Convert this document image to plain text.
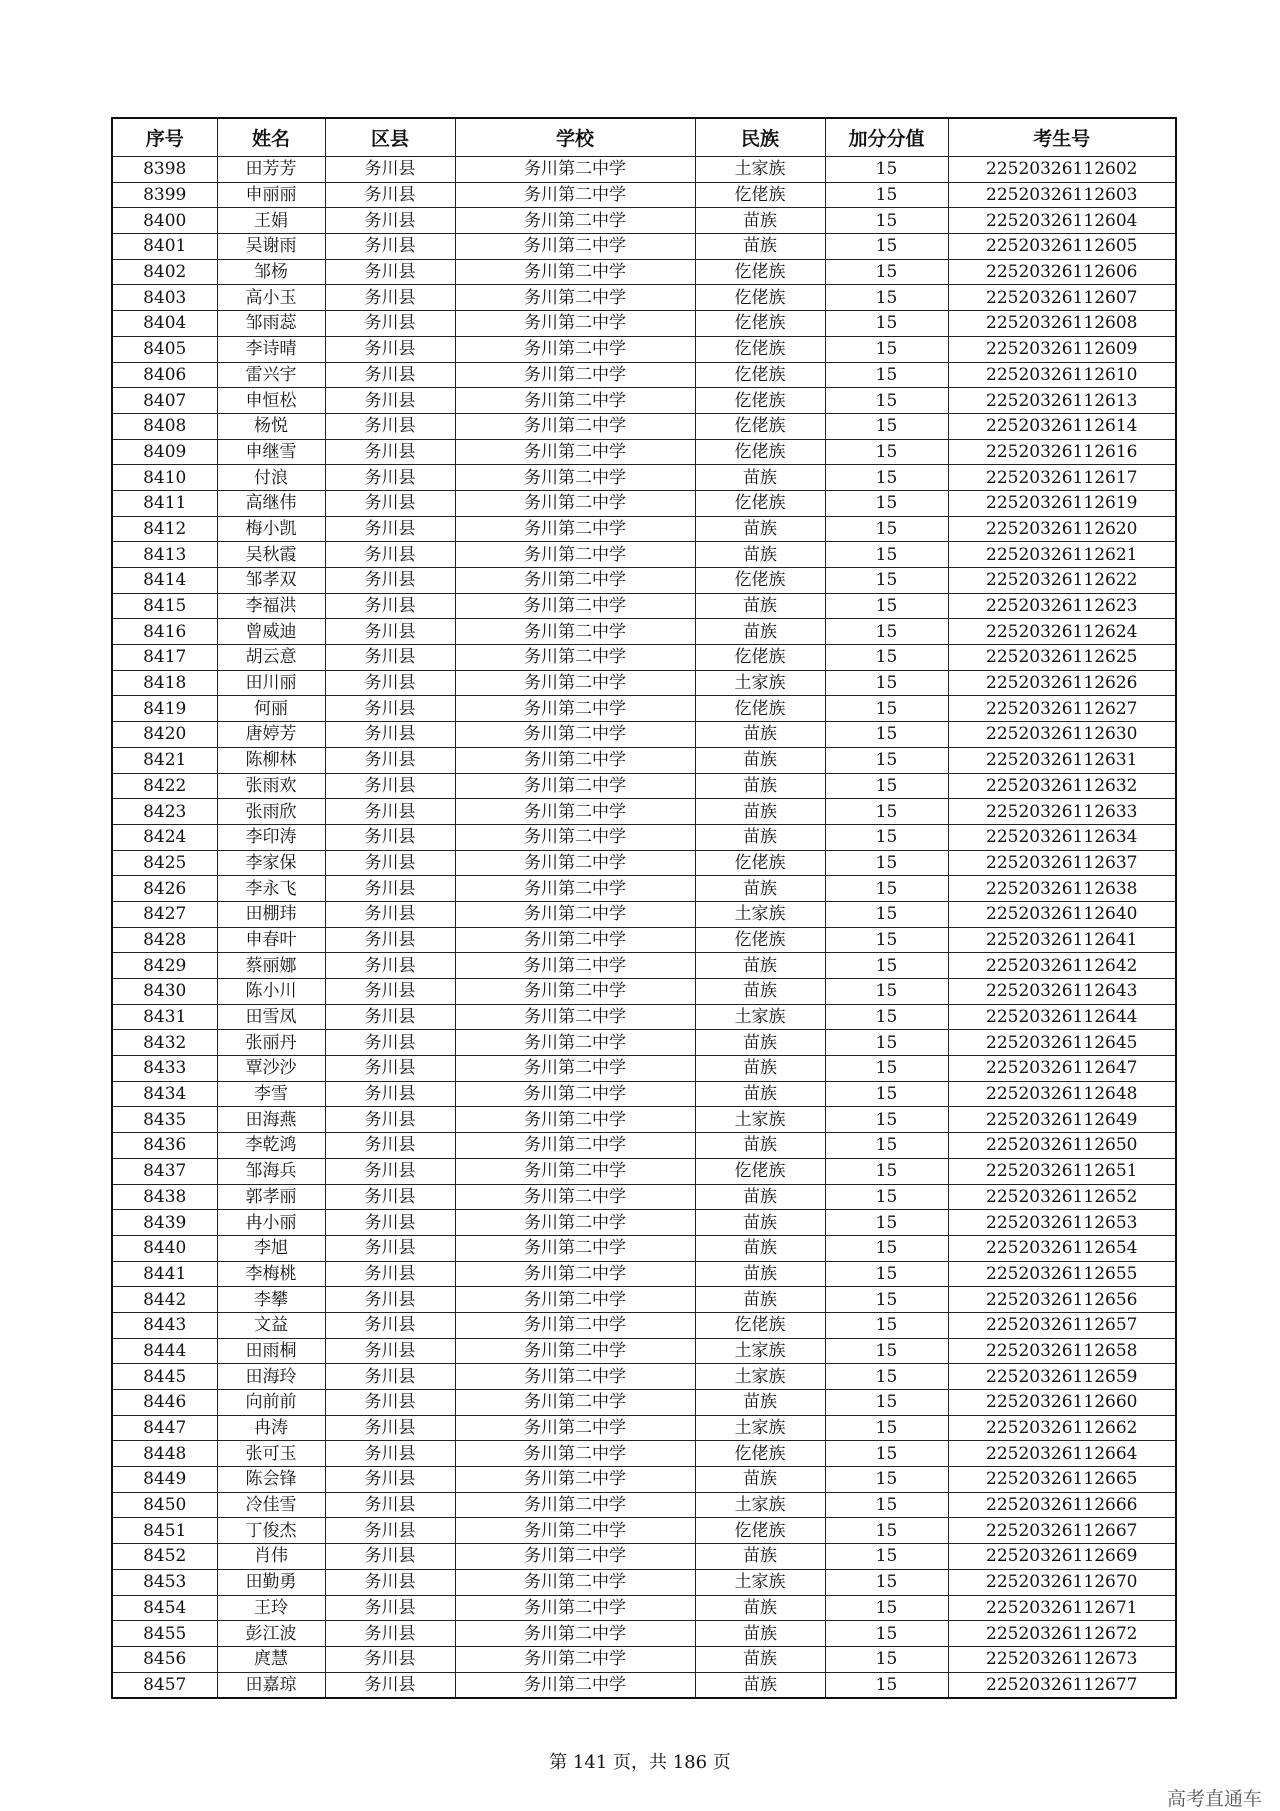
序号	姓名	区县	学校	民族	加分分值	考生号
8398	田芳芳	务川县	务川第二中学	土家族	15	22520326112602
8399	申丽丽	务川县	务川第二中学	仡佬族	15	22520326112603
8400	王娟	务川县	务川第二中学	苗族	15	22520326112604
8401	吴谢雨	务川县	务川第二中学	苗族	15	22520326112605
8402	邹杨	务川县	务川第二中学	仡佬族	15	22520326112606
8403	高小玉	务川县	务川第二中学	仡佬族	15	22520326112607
8404	邹雨蕊	务川县	务川第二中学	仡佬族	15	22520326112608
8405	李诗晴	务川县	务川第二中学	仡佬族	15	22520326112609
8406	雷兴宇	务川县	务川第二中学	仡佬族	15	22520326112610
8407	申恒松	务川县	务川第二中学	仡佬族	15	22520326112613
8408	杨悦	务川县	务川第二中学	仡佬族	15	22520326112614
8409	申继雪	务川县	务川第二中学	仡佬族	15	22520326112616
8410	付浪	务川县	务川第二中学	苗族	15	22520326112617
8411	高继伟	务川县	务川第二中学	仡佬族	15	22520326112619
8412	梅小凯	务川县	务川第二中学	苗族	15	22520326112620
8413	吴秋霞	务川县	务川第二中学	苗族	15	22520326112621
8414	邹孝双	务川县	务川第二中学	仡佬族	15	22520326112622
8415	李福洪	务川县	务川第二中学	苗族	15	22520326112623
8416	曾威迪	务川县	务川第二中学	苗族	15	22520326112624
8417	胡云意	务川县	务川第二中学	仡佬族	15	22520326112625
8418	田川丽	务川县	务川第二中学	土家族	15	22520326112626
8419	何丽	务川县	务川第二中学	仡佬族	15	22520326112627
8420	唐婷芳	务川县	务川第二中学	苗族	15	22520326112630
8421	陈柳林	务川县	务川第二中学	苗族	15	22520326112631
8422	张雨欢	务川县	务川第二中学	苗族	15	22520326112632
8423	张雨欣	务川县	务川第二中学	苗族	15	22520326112633
8424	李印涛	务川县	务川第二中学	苗族	15	22520326112634
8425	李家保	务川县	务川第二中学	仡佬族	15	22520326112637
8426	李永飞	务川县	务川第二中学	苗族	15	22520326112638
8427	田棚玮	务川县	务川第二中学	土家族	15	22520326112640
8428	申春叶	务川县	务川第二中学	仡佬族	15	22520326112641
8429	蔡丽娜	务川县	务川第二中学	苗族	15	22520326112642
8430	陈小川	务川县	务川第二中学	苗族	15	22520326112643
8431	田雪凤	务川县	务川第二中学	土家族	15	22520326112644
8432	张丽丹	务川县	务川第二中学	苗族	15	22520326112645
8433	覃沙沙	务川县	务川第二中学	苗族	15	22520326112647
8434	李雪	务川县	务川第二中学	苗族	15	22520326112648
8435	田海燕	务川县	务川第二中学	土家族	15	22520326112649
8436	李乾鸿	务川县	务川第二中学	苗族	15	22520326112650
8437	邹海兵	务川县	务川第二中学	仡佬族	15	22520326112651
8438	郭孝丽	务川县	务川第二中学	苗族	15	22520326112652
8439	冉小丽	务川县	务川第二中学	苗族	15	22520326112653
8440	李旭	务川县	务川第二中学	苗族	15	22520326112654
8441	李梅桃	务川县	务川第二中学	苗族	15	22520326112655
8442	李攀	务川县	务川第二中学	苗族	15	22520326112656
8443	文益	务川县	务川第二中学	仡佬族	15	22520326112657
8444	田雨桐	务川县	务川第二中学	土家族	15	22520326112658
8445	田海玲	务川县	务川第二中学	土家族	15	22520326112659
8446	向前前	务川县	务川第二中学	苗族	15	22520326112660
8447	冉涛	务川县	务川第二中学	土家族	15	22520326112662
8448	张可玉	务川县	务川第二中学	仡佬族	15	22520326112664
8449	陈会锋	务川县	务川第二中学	苗族	15	22520326112665
8450	冷佳雪	务川县	务川第二中学	土家族	15	22520326112666
8451	丁俊杰	务川县	务川第二中学	仡佬族	15	22520326112667
8452	肖伟	务川县	务川第二中学	苗族	15	22520326112669
8453	田勤勇	务川县	务川第二中学	土家族	15	22520326112670
8454	王玲	务川县	务川第二中学	苗族	15	22520326112671
8455	彭江波	务川县	务川第二中学	苗族	15	22520326112672
8456	庹慧	务川县	务川第二中学	苗族	15	22520326112673
8457	田嘉琼	务川县	务川第二中学	苗族	15	22520326112677
第 141 页，共 186 页
高考直通车
